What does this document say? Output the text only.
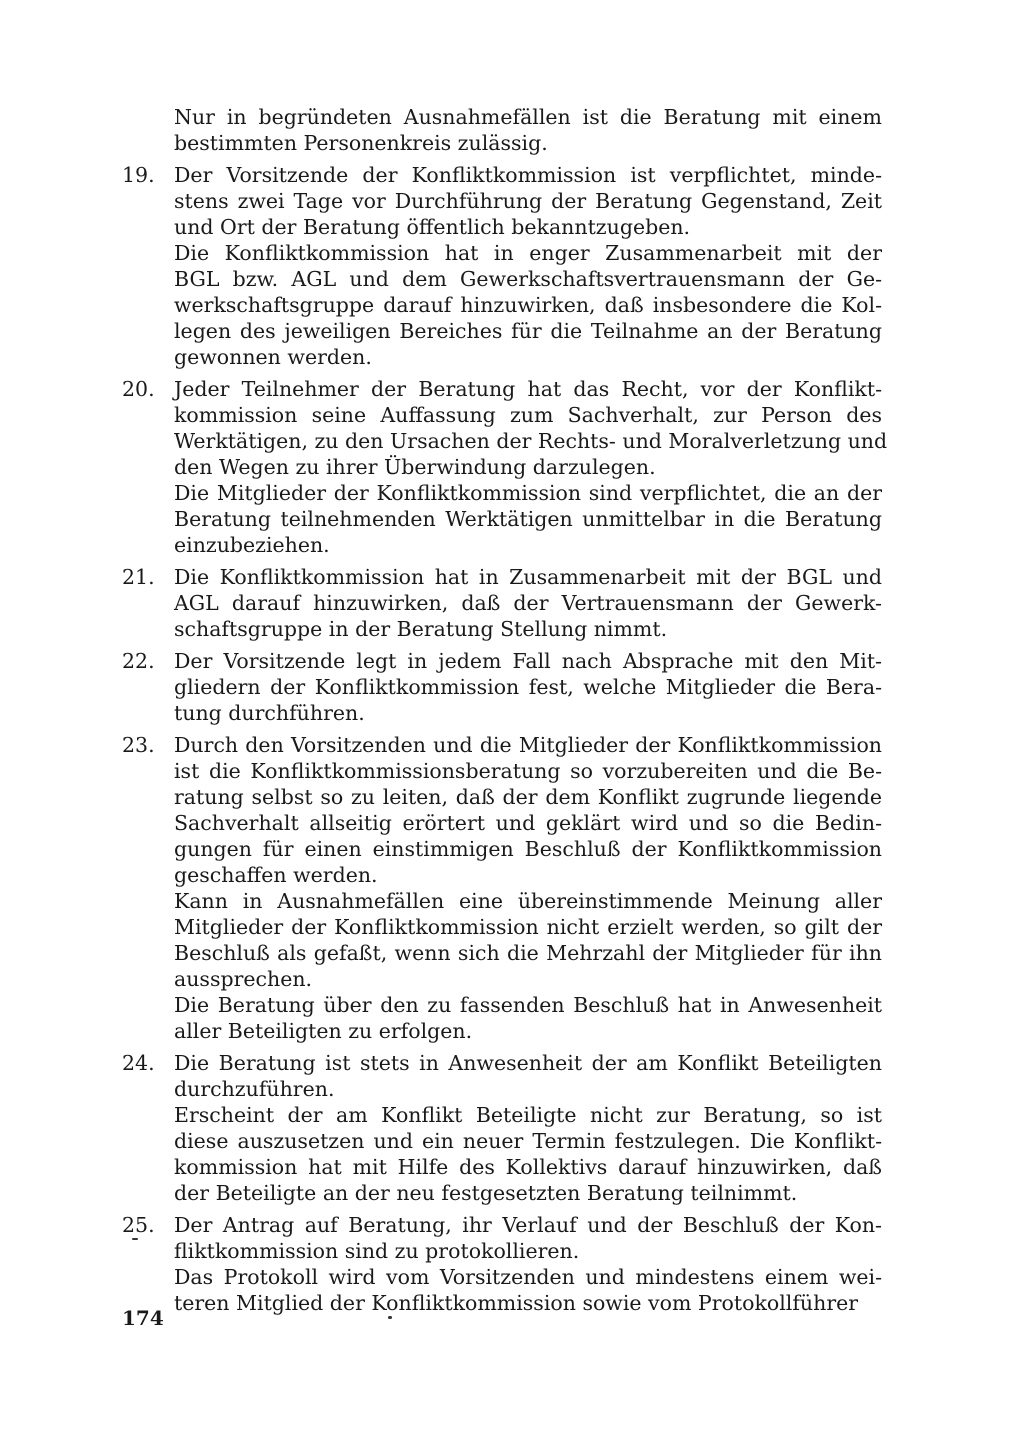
Nur in begründeten Ausnahmefällen ist die Beratung mit einem
bestimmten Personenkreis zulässig.
19. Der Vorsitzende der Konfliktkommission ist verpflichtet, minde-
stens zwei Tage vor Durchführung der Beratung Gegenstand, Zeit
und Ort der Beratung öffentlich bekanntzugeben.
Die Konfliktkommission hat in enger Zusammenarbeit mit der
BGL bzw. AGL und dem Gewerkschaftsvertrauensmann der Ge-
werkschaftsgruppe darauf hinzuwirken, daß insbesondere die Kol-
legen des jeweiligen Bereiches für die Teilnahme an der Beratung
gewonnen werden.
20. Jeder Teilnehmer der Beratung hat das Recht, vor der Konflikt-
kommission seine Auffassung zum Sachverhalt, zur Person des
Werktätigen, zu den Ursachen der Rechts- und Moralverletzung und
den Wegen zu ihrer Überwindung darzulegen.
Die Mitglieder der Konfliktkommission sind verpflichtet, die an der
Beratung teilnehmenden Werktätigen unmittelbar in die Beratung
einzubeziehen.
21. Die Konfliktkommission hat in Zusammenarbeit mit der BGL und
AGL darauf hinzuwirken, daß der Vertrauensmann der Gewerk-
schaftsgruppe in der Beratung Stellung nimmt.
22. Der Vorsitzende legt in jedem Fall nach Absprache mit den Mit-
gliedern der Konfliktkommission fest, welche Mitglieder die Bera-
tung durchführen.
23. Durch den Vorsitzenden und die Mitglieder der Konfliktkommission
ist die Konfliktkommissionsberatung so vorzubereiten und die Be-
ratung selbst so zu leiten, daß der dem Konflikt zugrunde liegende
Sachverhalt allseitig erörtert und geklärt wird und so die Bedin-
gungen für einen einstimmigen Beschluß der Konfliktkommission
geschaffen werden.
Kann in Ausnahmefällen eine übereinstimmende Meinung aller
Mitglieder der Konfliktkommission nicht erzielt werden, so gilt der
Beschluß als gefaßt, wenn sich die Mehrzahl der Mitglieder für ihn
aussprechen.
Die Beratung über den zu fassenden Beschluß hat in Anwesenheit
aller Beteiligten zu erfolgen.
24. Die Beratung ist stets in Anwesenheit der am Konflikt Beteiligten
durchzuführen.
Erscheint der am Konflikt Beteiligte nicht zur Beratung, so ist
diese auszusetzen und ein neuer Termin festzulegen. Die Konflikt-
kommission hat mit Hilfe des Kollektivs darauf hinzuwirken, daß
der Beteiligte an der neu festgesetzten Beratung teilnimmt.
25. Der Antrag auf Beratung, ihr Verlauf und der Beschluß der Kon-
fliktkommission sind zu protokollieren.
Das Protokoll wird vom Vorsitzenden und mindestens einem wei-
teren Mitglied der Konfliktkommission sowie vom Protokollführer
174
